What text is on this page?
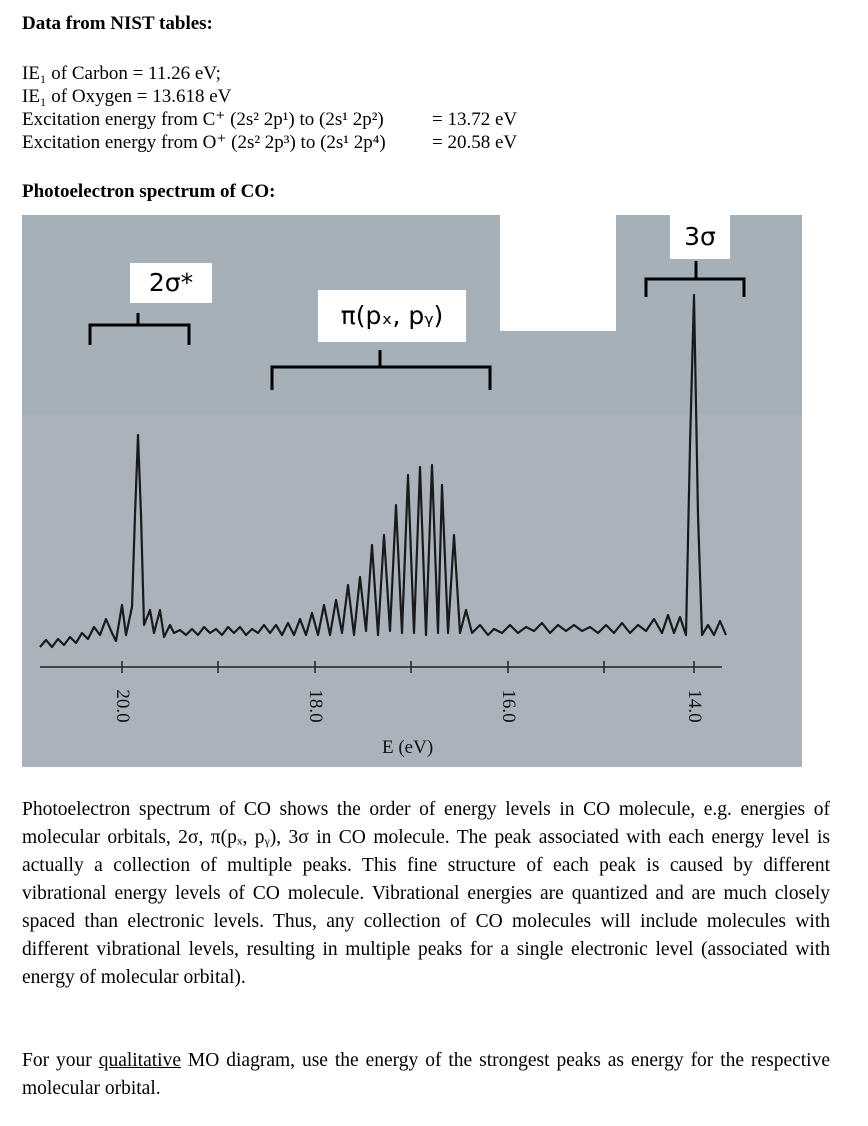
Data from NIST tables:
IE₁ of Carbon = 11.26 eV;
IE₁ of Oxygen = 13.618 eV
Excitation energy from C⁺ (2s² 2p¹) to (2s¹ 2p²)	= 13.72 eV
Excitation energy from O⁺ (2s² 2p³) to (2s¹ 2p⁴) = 20.58 eV
Photoelectron spectrum of CO:
2σ*
π(pₓ, pᵧ)
3σ
20.0	18.0	16.0	14.0
E (eV)
Photoelectron spectrum of CO shows the order of energy levels in CO molecule, e.g. energies of molecular orbitals, 2σ, π(pₓ, pᵧ), 3σ in CO molecule. The peak associated with each energy level is actually a collection of multiple peaks. This fine structure of each peak is caused by different vibrational energy levels of CO molecule. Vibrational energies are quantized and are much closely spaced than electronic levels. Thus, any collection of CO molecules will include molecules with different vibrational levels, resulting in multiple peaks for a single electronic level (associated with energy of molecular orbital).
For your qualitative MO diagram, use the energy of the strongest peaks as energy for the respective molecular orbital.
